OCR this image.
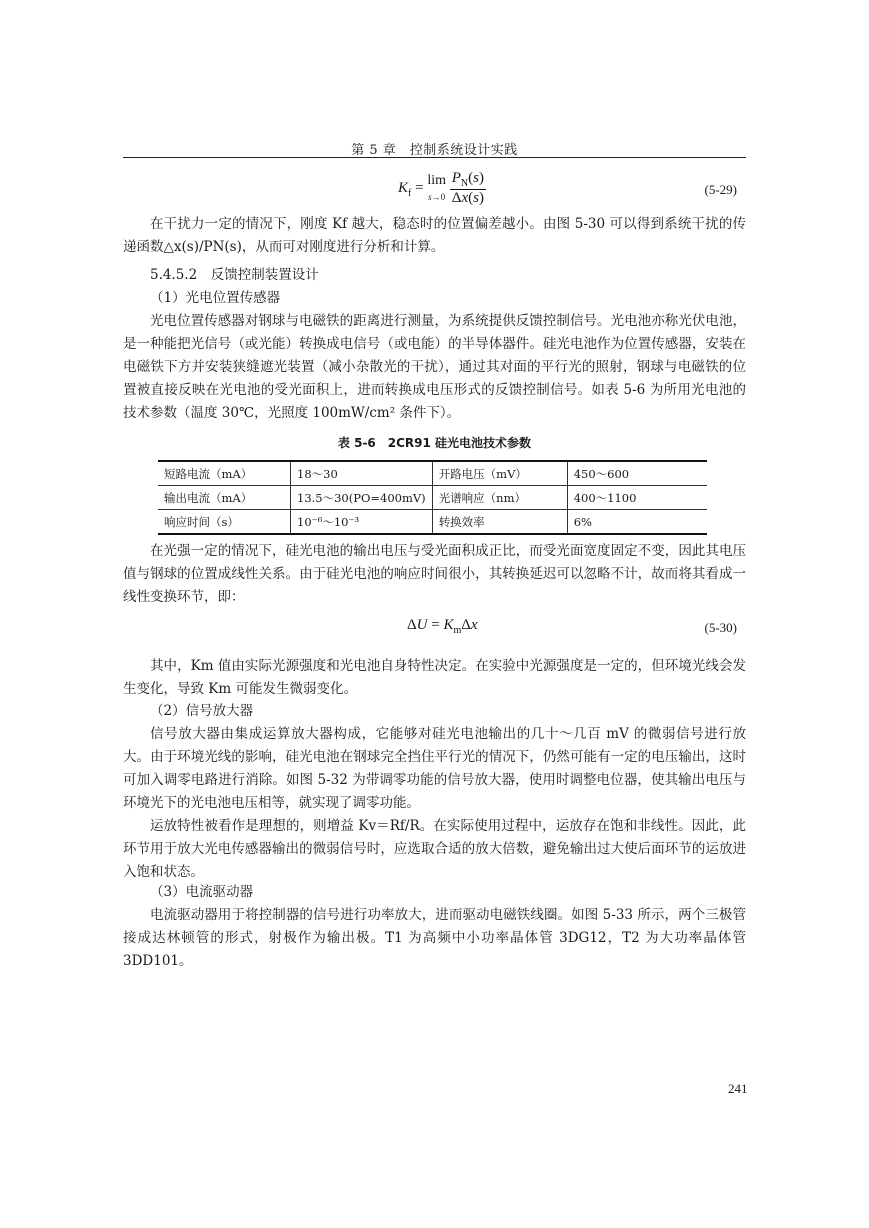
第 5 章　控制系统设计实践
$K_f = \lim$
$s\to 0 \frac{P_N(s)}{\Delta x(s)}$	(5-29)

在干扰力一定的情况下，刚度 Kf 越大，稳态时的位置偏差越小。由图 5-30 可以得到系统干扰的传递函数△x(s)/PN(s)，从而可对刚度进行分析和计算。

5.4.5.2　反馈控制装置设计
（1）光电位置传感器

光电位置传感器对钢球与电磁铁的距离进行测量，为系统提供反馈控制信号。光电池亦称光伏电池，是一种能把光信号（或光能）转换成电信号（或电能）的半导体器件。硅光电池作为位置传感器，安装在电磁铁下方并安装狭缝遮光装置（减小杂散光的干扰），通过其对面的平行光的照射，钢球与电磁铁的位置被直接反映在光电池的受光面积上，进而转换成电压形式的反馈控制信号。如表 5-6 为所用光电池的技术参数（温度 30℃，光照度 100mW/cm² 条件下）。

表 5-6　2CR91 硅光电池技术参数
短路电流（mA）	18～30	开路电压（mV）	450～600
输出电流（mA）	13.5～30(PO=400mV)	光谱响应（nm）	400～1100
响应时间（s）	10⁻⁶～10⁻³	转换效率	6%

在光强一定的情况下，硅光电池的输出电压与受光面积成正比，而受光面宽度固定不变，因此其电压值与钢球的位置成线性关系。由于硅光电池的响应时间很小，其转换延迟可以忽略不计，故而将其看成一线性变换环节，即：

$\Delta U = K_m\Delta x$	(5-30)

其中，Km 值由实际光源强度和光电池自身特性决定。在实验中光源强度是一定的，但环境光线会发生变化，导致 Km 可能发生微弱变化。

（2）信号放大器

信号放大器由集成运算放大器构成，它能够对硅光电池输出的几十～几百 mV 的微弱信号进行放大。由于环境光线的影响，硅光电池在钢球完全挡住平行光的情况下，仍然可能有一定的电压输出，这时可加入调零电路进行消除。如图 5-32 为带调零功能的信号放大器，使用时调整电位器，使其输出电压与环境光下的光电池电压相等，就实现了调零功能。

运放特性被看作是理想的，则增益 Kv＝Rf/R。在实际使用过程中，运放存在饱和非线性。因此，此环节用于放大光电传感器输出的微弱信号时，应选取合适的放大倍数，避免输出过大使后面环节的运放进入饱和状态。

（3）电流驱动器

电流驱动器用于将控制器的信号进行功率放大，进而驱动电磁铁线圈。如图 5-33 所示，两个三极管接成达林顿管的形式，射极作为输出极。T1 为高频中小功率晶体管 3DG12，T2 为大功率晶体管 3DD101。

241
